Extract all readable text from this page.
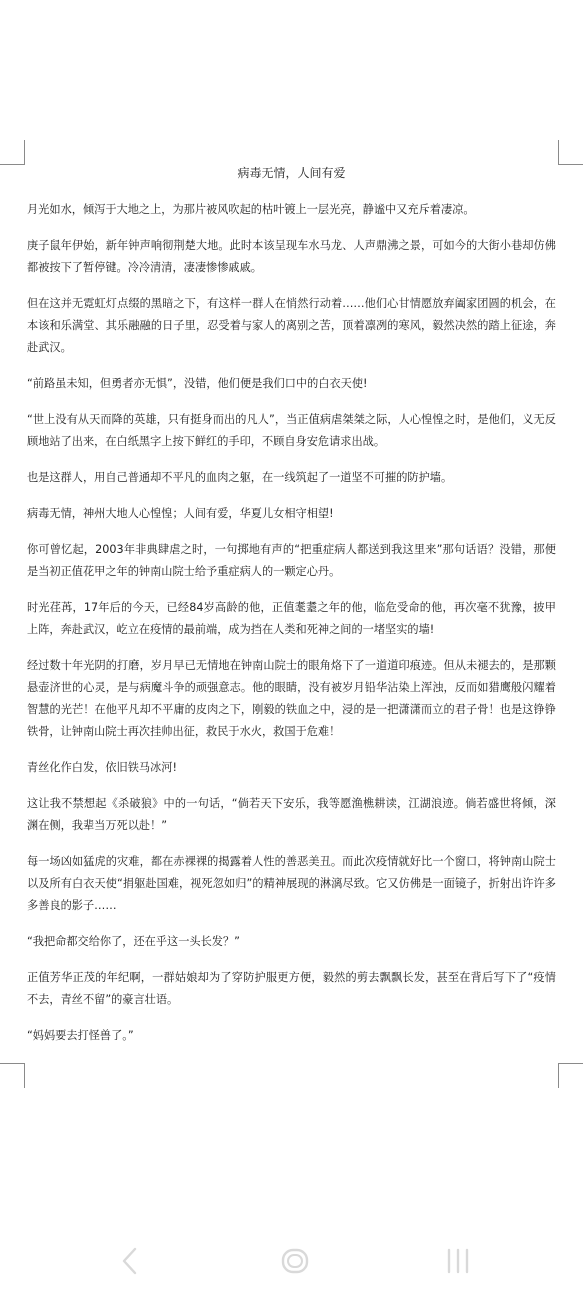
病毒无情，人间有爱

月光如水，倾泻于大地之上，为那片被风吹起的枯叶镀上一层光亮，静谧中又充斥着凄凉。

庚子鼠年伊始，新年钟声响彻荆楚大地。此时本该呈现车水马龙、人声鼎沸之景，可如今的大街小巷却仿佛都被按下了暂停键。冷冷清清，凄凄惨惨戚戚。

但在这并无霓虹灯点缀的黑暗之下，有这样一群人在悄然行动着……他们心甘情愿放弃阖家团圆的机会，在本该和乐满堂、其乐融融的日子里，忍受着与家人的离别之苦，顶着凛冽的寒风，毅然决然的踏上征途，奔赴武汉。

“前路虽未知，但勇者亦无惧”，没错，他们便是我们口中的白衣天使!

“世上没有从天而降的英雄，只有挺身而出的凡人”，当正值病虐桀桀之际，人心惶惶之时，是他们，义无反顾地站了出来，在白纸黑字上按下鲜红的手印，不顾自身安危请求出战。

也是这群人，用自己普通却不平凡的血肉之躯，在一线筑起了一道坚不可摧的防护墙。

病毒无情，神州大地人心惶惶；人间有爱，华夏儿女相守相望!

你可曾忆起，2003年非典肆虐之时，一句掷地有声的“把重症病人都送到我这里来”那句话语？没错，那便是当初正值花甲之年的钟南山院士给予重症病人的一颗定心丹。

时光荏苒，17年后的今天，已经84岁高龄的他，正值耄耋之年的他，临危受命的他，再次毫不犹豫，披甲上阵，奔赴武汉，屹立在疫情的最前端，成为挡在人类和死神之间的一堵坚实的墙!

经过数十年光阴的打磨，岁月早已无情地在钟南山院士的眼角烙下了一道道印痕迹。但从未褪去的，是那颗悬壶济世的心灵，是与病魔斗争的顽强意志。他的眼睛，没有被岁月铅华沾染上浑浊，反而如猎鹰般闪耀着智慧的光芒！在他平凡却不平庸的皮肉之下，刚毅的铁血之中，浸的是一把潇潇而立的君子骨！也是这铮铮铁骨，让钟南山院士再次挂帅出征，救民于水火，救国于危难！

青丝化作白发，依旧铁马冰河!

这让我不禁想起《杀破狼》中的一句话，“倘若天下安乐，我等愿渔樵耕读，江湖浪迹。倘若盛世将倾，深渊在侧，我辈当万死以赴！”

每一场凶如猛虎的灾难，都在赤裸裸的揭露着人性的善恶美丑。而此次疫情就好比一个窗口，将钟南山院士以及所有白衣天使“捐躯赴国难，视死忽如归”的精神展现的淋漓尽致。它又仿佛是一面镜子，折射出许许多多善良的影子……

“我把命都交给你了，还在乎这一头长发？”

正值芳华正茂的年纪啊，一群姑娘却为了穿防护服更方便，毅然的剪去飘飘长发，甚至在背后写下了“疫情不去，青丝不留”的豪言壮语。

“妈妈要去打怪兽了。”
